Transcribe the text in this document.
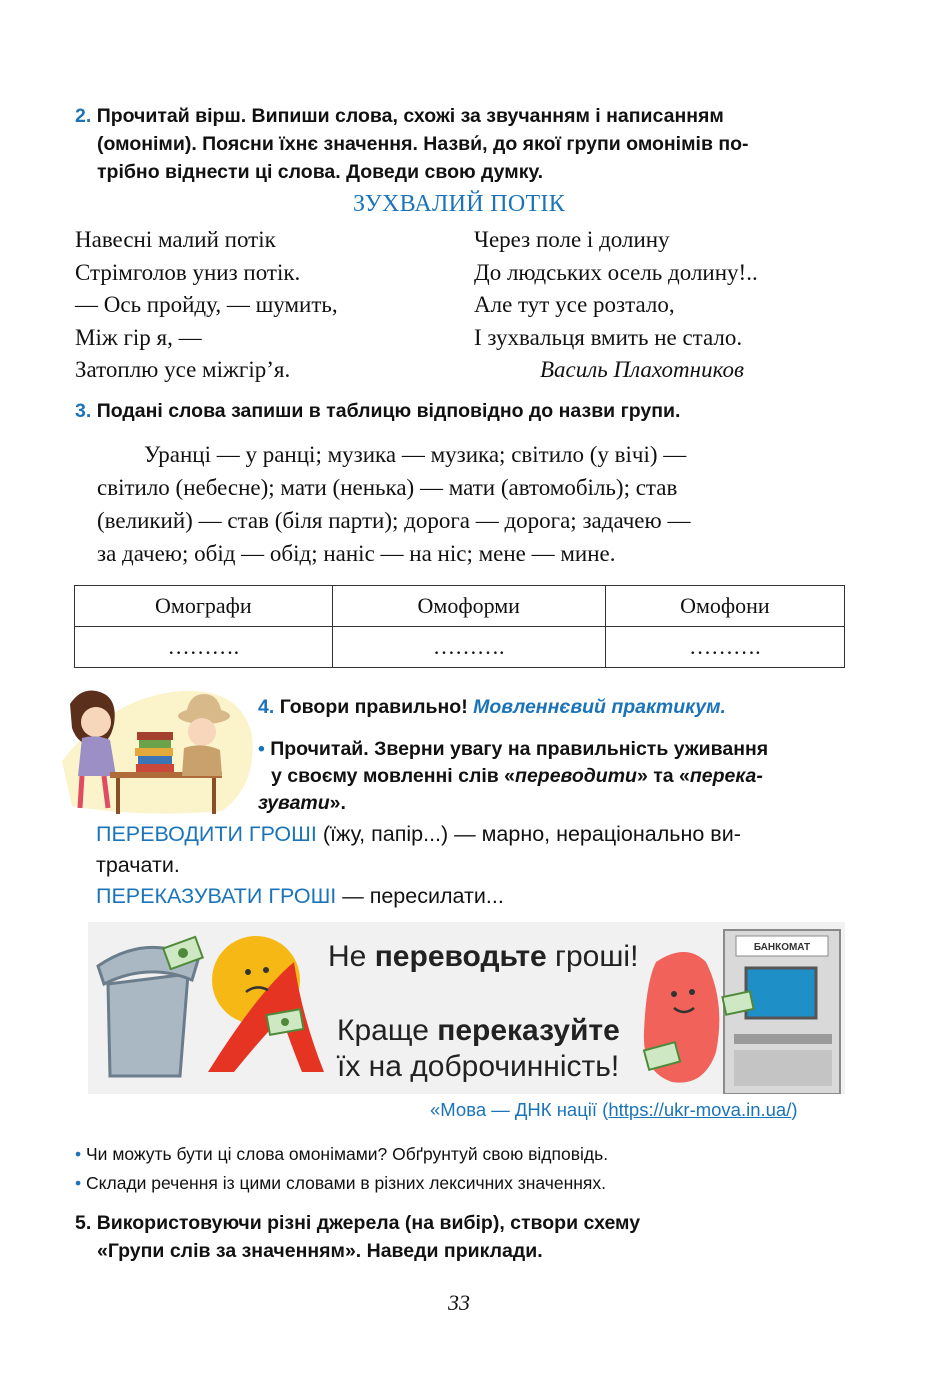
2. Прочитай вірш. Випиши слова, схожі за звучанням і написанням
(омоніми). Поясни їхнє значення. Назви́, до якої групи омонімів по-
трібно віднести ці слова. Доведи свою думку.
ЗУХВАЛИЙ ПОТІК
Навесні малий потік
Стрімголов униз потік.
— Ось пройду, — шумить,
Між гір я, —
Затоплю усе міжгір’я.
Через поле і долину
До людських осель долину!..
Але тут усе розтало,
І зухвальця вмить не стало.
Василь Плахотников
3. Подані слова запиши в таблицю відповідно до назви групи.
Уранці — у ранці; музика — музика; світило (у вічі) —
світило (небесне); мати (ненька) — мати (автомобіль); став
(великий) — став (біля парти); дорога — дорога; задачею —
за дачею; обід — обід; наніс — на ніс; мене — мине.
Омографи	Омоформи	Омофони
……….	……….	……….
4. Говори правильно! Мовленнєвий практикум.
• Прочитай. Зверни увагу на правильність уживання
у своєму мовленні слів «переводити» та «перека-
зувати».
ПЕРЕВОДИТИ ГРОШІ (їжу, папір...) — марно, нераціонально ви-
трачати.
ПЕРЕКАЗУВАТИ ГРОШІ — пересилати...
Не переводьте гроші!
Краще переказуйте
їх на доброчинність!
БАНКОМАТ
«Мова — ДНК нації (https://ukr-mova.in.ua/)
• Чи можуть бути ці слова омонімами? Обґрунтуй свою відповідь.
• Склади речення із цими словами в різних лексичних значеннях.
5. Використовуючи різні джерела (на вибір), створи схему
«Групи слів за значенням». Наведи приклади.
33
